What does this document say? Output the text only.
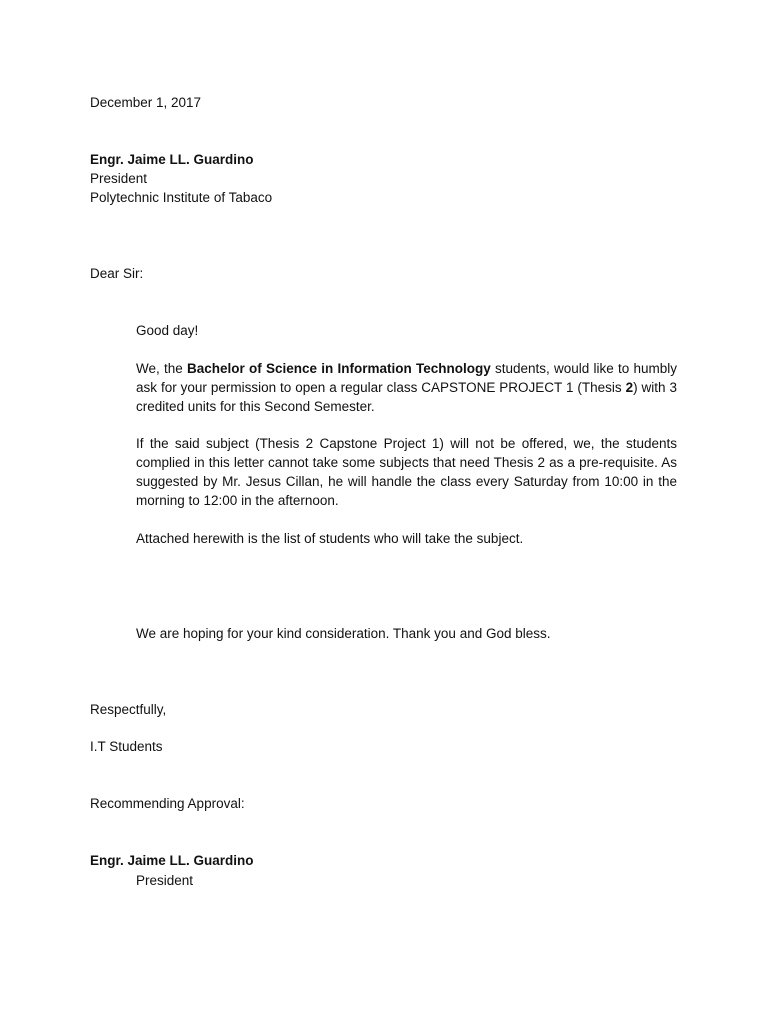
December 1, 2017
Engr. Jaime LL. Guardino
President
Polytechnic Institute of Tabaco
Dear Sir:
Good day!
We, the Bachelor of Science in Information Technology students, would like to humbly ask for your permission to open a regular class CAPSTONE PROJECT 1 (Thesis 2) with 3 credited units for this Second Semester.
If the said subject (Thesis 2 Capstone Project 1) will not be offered, we, the students complied in this letter cannot take some subjects that need Thesis 2 as a pre-requisite. As suggested by Mr. Jesus Cillan, he will handle the class every Saturday from 10:00 in the morning to 12:00 in the afternoon.
Attached herewith is the list of students who will take the subject.
We are hoping for your kind consideration. Thank you and God bless.
Respectfully,
I.T Students
Recommending Approval:
Engr. Jaime LL. Guardino
President
